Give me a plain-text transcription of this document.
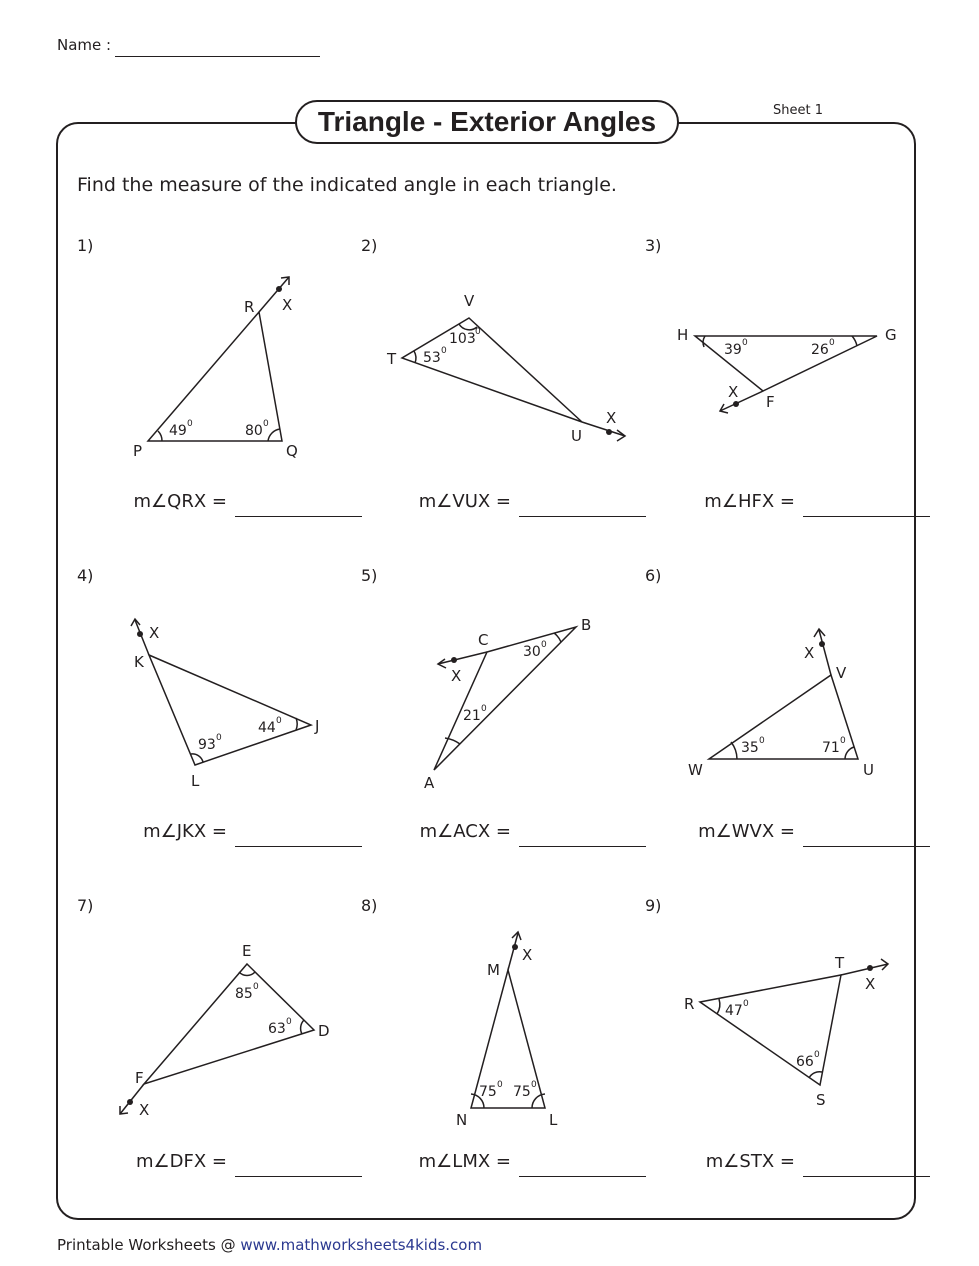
Name :
Triangle - Exterior Angles	Sheet 1
Find the measure of the indicated angle in each triangle.
1)
R X
P	Q
49 0	80 0
m∠QRX =
2)
V
T
U
X
103 0
53 0
m∠VUX =
3)
H	G
X
F
39 0	26 0
m∠HFX =
4)
X
K
J
L
44 0
93 0
m∠JKX =
5)
C
B
X
A
30 0
21 0
m∠ACX =
6)
X
V
W	U
35 0	71 0
m∠WVX =
7)
E
D
F
X
85 0
63 0
m∠DFX =
8)
X
M
N	L
75 0 75 0
m∠LMX =
9)
T
R
X
S
47 0
66 0
m∠STX =
Printable Worksheets @ www.mathworksheets4kids.com
